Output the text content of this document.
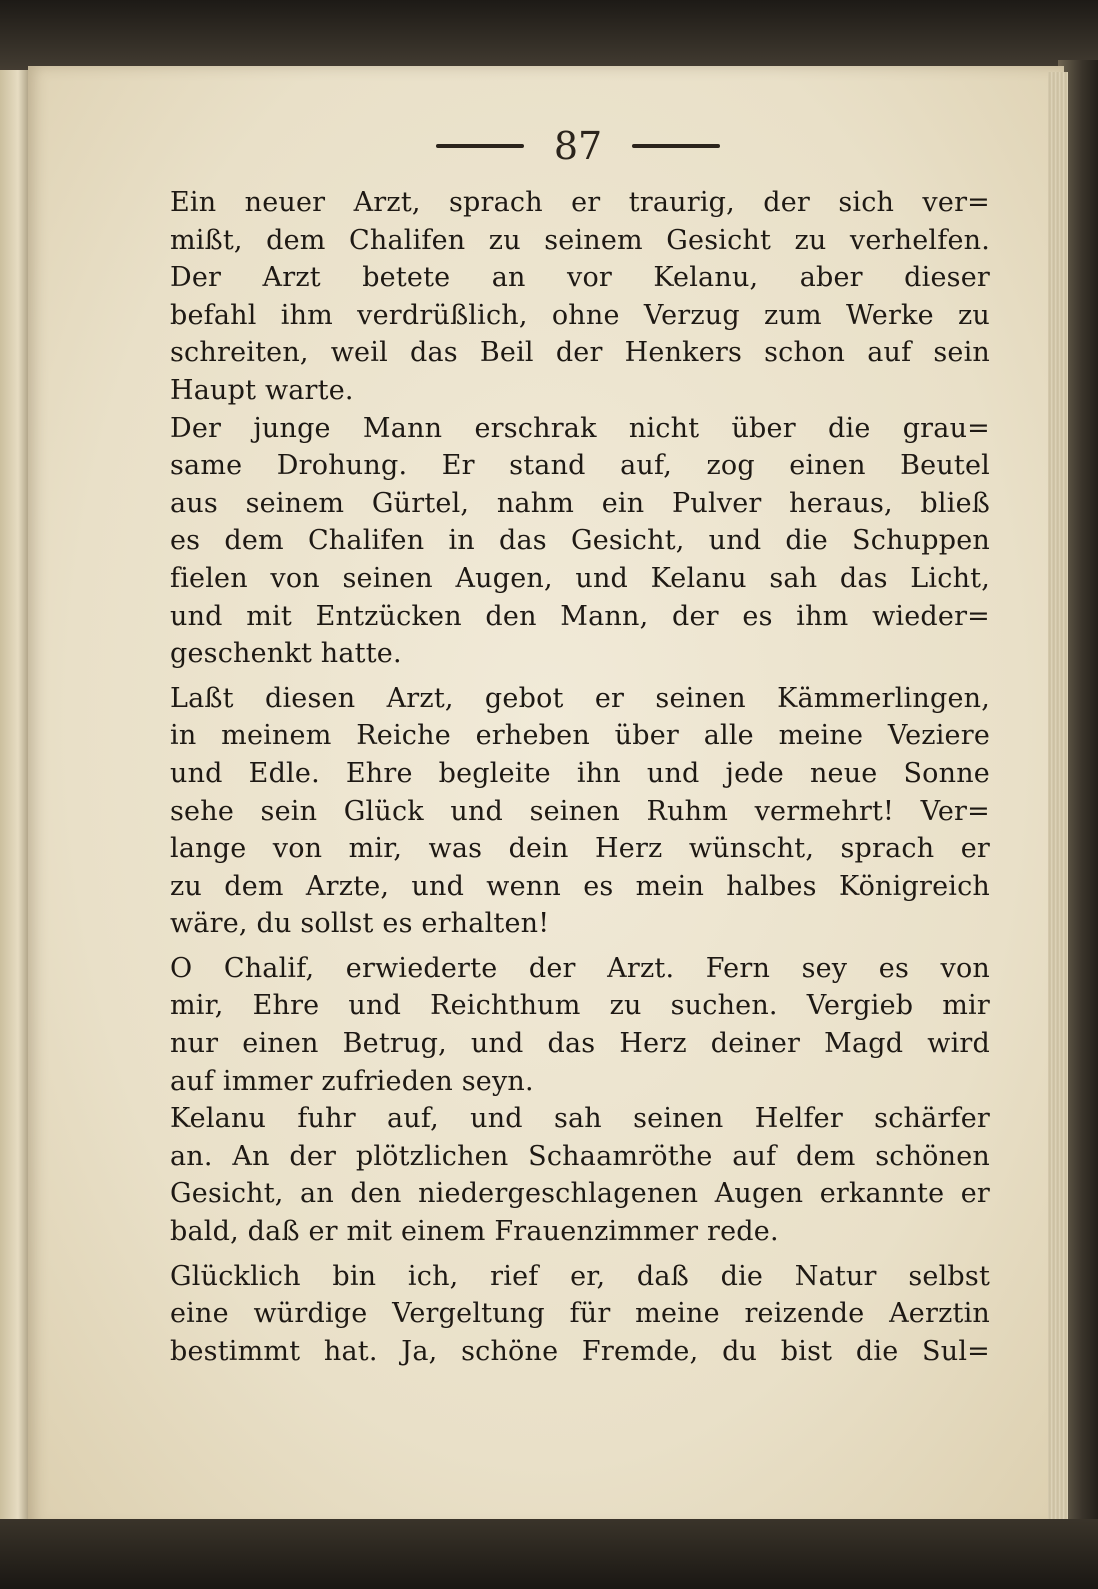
87
Ein neuer Arzt, sprach er traurig, der sich ver=
mißt, dem Chalifen zu seinem Gesicht zu verhelfen.
Der Arzt betete an vor Kelanu, aber dieser
befahl ihm verdrüßlich, ohne Verzug zum Werke zu
schreiten, weil das Beil der Henkers schon auf sein
Haupt warte.
Der junge Mann erschrak nicht über die grau=
same Drohung. Er stand auf, zog einen Beutel
aus seinem Gürtel, nahm ein Pulver heraus, bließ
es dem Chalifen in das Gesicht, und die Schuppen
fielen von seinen Augen, und Kelanu sah das Licht,
und mit Entzücken den Mann, der es ihm wieder=
geschenkt hatte.
Laßt diesen Arzt, gebot er seinen Kämmerlingen,
in meinem Reiche erheben über alle meine Veziere
und Edle. Ehre begleite ihn und jede neue Sonne
sehe sein Glück und seinen Ruhm vermehrt! Ver=
lange von mir, was dein Herz wünscht, sprach er
zu dem Arzte, und wenn es mein halbes Königreich
wäre, du sollst es erhalten!
O Chalif, erwiederte der Arzt. Fern sey es von
mir, Ehre und Reichthum zu suchen. Vergieb mir
nur einen Betrug, und das Herz deiner Magd wird
auf immer zufrieden seyn.
Kelanu fuhr auf, und sah seinen Helfer schärfer
an. An der plötzlichen Schaamröthe auf dem schönen
Gesicht, an den niedergeschlagenen Augen erkannte er
bald, daß er mit einem Frauenzimmer rede.
Glücklich bin ich, rief er, daß die Natur selbst
eine würdige Vergeltung für meine reizende Aerztin
bestimmt hat. Ja, schöne Fremde, du bist die Sul=
